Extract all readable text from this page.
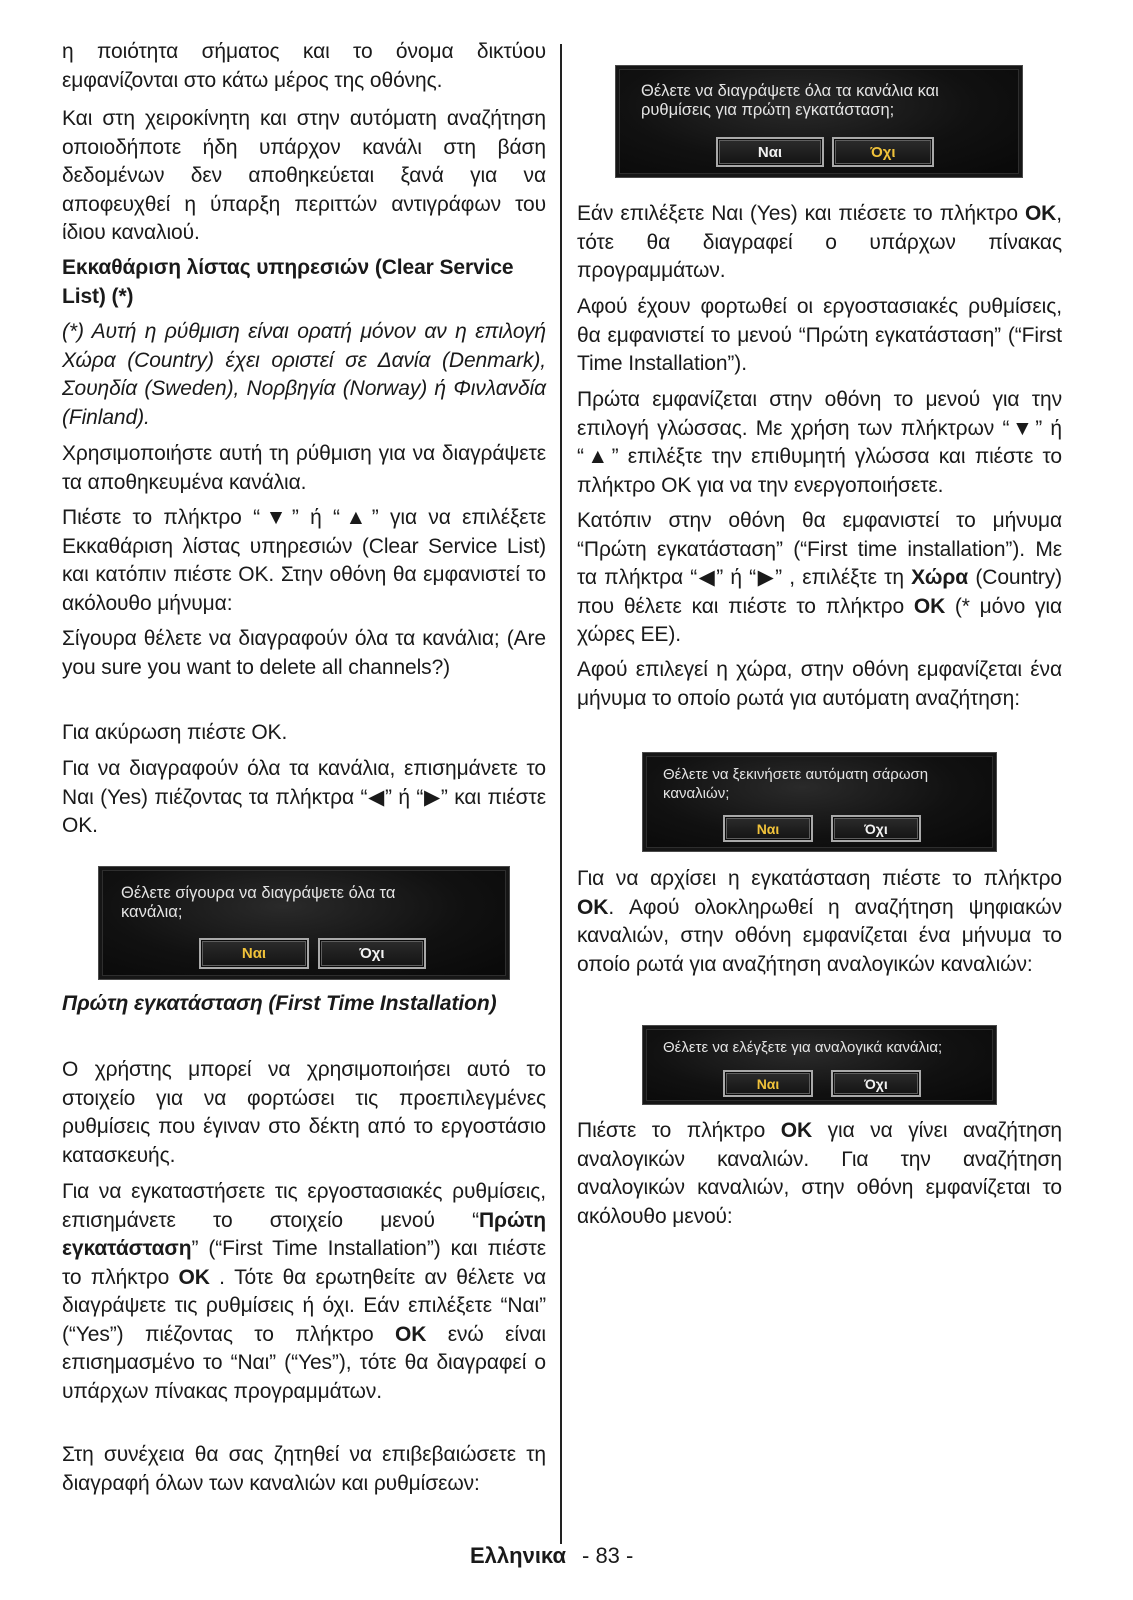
η ποιότητα σήματος και το όνομα δικτύου εμφανίζονται στο κάτω μέρος της οθόνης.

Και στη χειροκίνητη και στην αυτόματη αναζήτηση οποιοδήποτε ήδη υπάρχον κανάλι στη βάση δεδομένων δεν αποθηκεύεται ξανά για να αποφευχθεί η ύπαρξη περιττών αντιγράφων του ίδιου καναλιού.

Εκκαθάριση λίστας υπηρεσιών (Clear Service List) (*)

(*) Αυτή η ρύθμιση είναι ορατή μόνον αν η επιλογή Χώρα (Country) έχει οριστεί σε Δανία (Denmark), Σουηδία (Sweden), Νορβηγία (Norway) ή Φινλανδία (Finland).

Χρησιμοποιήστε αυτή τη ρύθμιση για να διαγράψετε τα αποθηκευμένα κανάλια.

Πιέστε το πλήκτρο “▼” ή “▲” για να επιλέξετε Εκκαθάριση λίστας υπηρεσιών (Clear Service List) και κατόπιν πιέστε OK. Στην οθόνη θα εμφανιστεί το ακόλουθο μήνυμα:

Σίγουρα θέλετε να διαγραφούν όλα τα κανάλια; (Are you sure you want to delete all channels?)

Για ακύρωση πιέστε OK.

Για να διαγραφούν όλα τα κανάλια, επισημάνετε το Ναι (Yes) πιέζοντας τα πλήκτρα “◀” ή “▶” και πιέστε OK.

Θέλετε σίγουρα να διαγράψετε όλα τα κανάλια;
Ναι	Όχι

Πρώτη εγκατάσταση (First Time Installation)

Ο χρήστης μπορεί να χρησιμοποιήσει αυτό το στοιχείο για να φορτώσει τις προεπιλεγμένες ρυθμίσεις που έγιναν στο δέκτη από το εργοστάσιο κατασκευής.

Για να εγκαταστήσετε τις εργοστασιακές ρυθμίσεις, επισημάνετε το στοιχείο μενού “Πρώτη εγκατάσταση” (“First Time Installation”) και πιέστε το πλήκτρο OK . Τότε θα ερωτηθείτε αν θέλετε να διαγράψετε τις ρυθμίσεις ή όχι. Εάν επιλέξετε “Ναι” (“Yes”) πιέζοντας το πλήκτρο OK ενώ είναι επισημασμένο το “Ναι” (“Yes”), τότε θα διαγραφεί ο υπάρχων πίνακας προγραμμάτων.

Στη συνέχεια θα σας ζητηθεί να επιβεβαιώσετε τη διαγραφή όλων των καναλιών και ρυθμίσεων:

Θέλετε να διαγράψετε όλα τα κανάλια και ρυθμίσεις για πρώτη εγκατάσταση;
Ναι	Όχι

Εάν επιλέξετε Ναι (Yes) και πιέσετε το πλήκτρο OK, τότε θα διαγραφεί ο υπάρχων πίνακας προγραμμάτων.

Αφού έχουν φορτωθεί οι εργοστασιακές ρυθμίσεις, θα εμφανιστεί το μενού “Πρώτη εγκατάσταση” (“First Time Installation”).

Πρώτα εμφανίζεται στην οθόνη το μενού για την επιλογή γλώσσας. Με χρήση των πλήκτρων “▼” ή “▲” επιλέξτε την επιθυμητή γλώσσα και πιέστε το πλήκτρο OK για να την ενεργοποιήσετε.

Κατόπιν στην οθόνη θα εμφανιστεί το μήνυμα “Πρώτη εγκατάσταση” (“First time installation”). Με τα πλήκτρα “◀” ή “▶” , επιλέξτε τη Χώρα (Country) που θέλετε και πιέστε το πλήκτρο OK (* μόνο για χώρες ΕΕ).

Αφού επιλεγεί η χώρα, στην οθόνη εμφανίζεται ένα μήνυμα το οποίο ρωτά για αυτόματη αναζήτηση:

Θέλετε να ξεκινήσετε αυτόματη σάρωση καναλιών;
Ναι	Όχι

Για να αρχίσει η εγκατάσταση πιέστε το πλήκτρο OK. Αφού ολοκληρωθεί η αναζήτηση ψηφιακών καναλιών, στην οθόνη εμφανίζεται ένα μήνυμα το οποίο ρωτά για αναζήτηση αναλογικών καναλιών:

Θέλετε να ελέγξετε για αναλογικά κανάλια;
Ναι	Όχι

Πιέστε το πλήκτρο OK για να γίνει αναζήτηση αναλογικών καναλιών. Για την αναζήτηση αναλογικών καναλιών, στην οθόνη εμφανίζεται το ακόλουθο μενού:

Ελληνικα - 83 -
